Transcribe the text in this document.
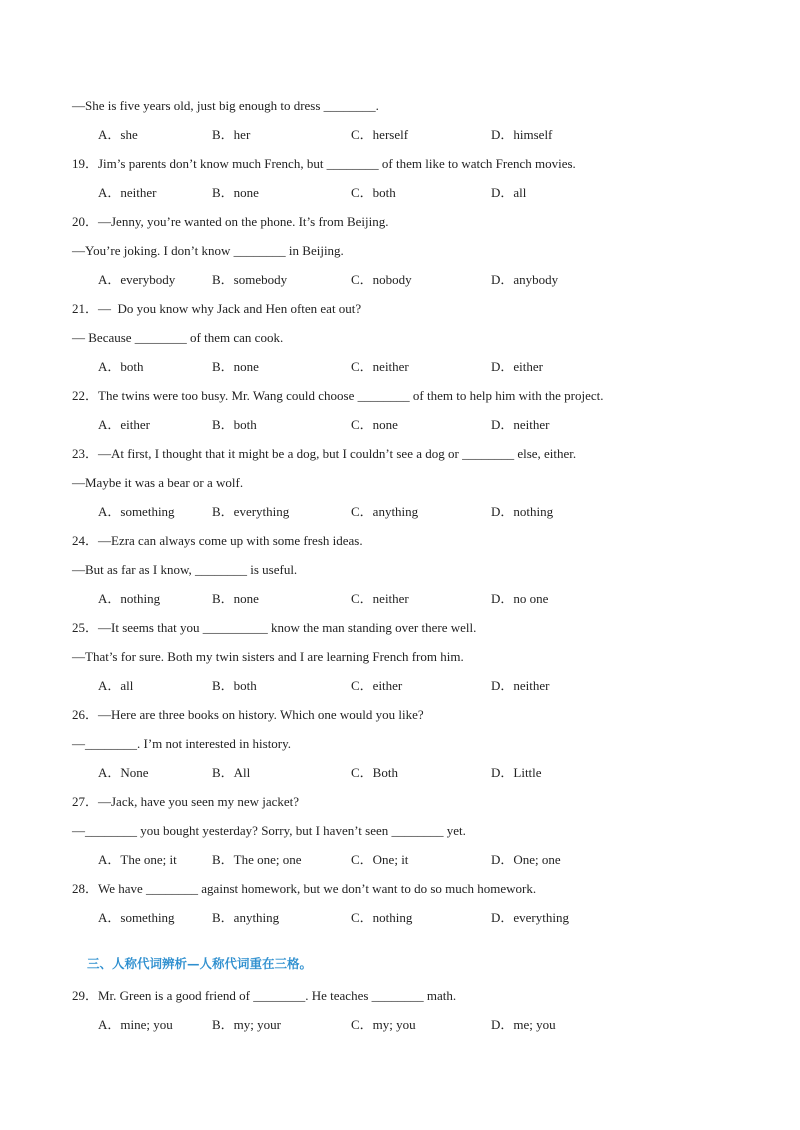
—She is five years old, just big enough to dress ________.
A．she	B．her	C．herself	D．himself
19．Jim’s parents don’t know much French, but ________ of them like to watch French movies.
A．neither	B．none	C．both	D．all
20．—Jenny, you’re wanted on the phone. It’s from Beijing.
—You’re joking. I don’t know ________ in Beijing.
A．everybody	B．somebody	C．nobody	D．anybody
21．—  Do you know why Jack and Hen often eat out?
— Because ________ of them can cook.
A．both	B．none	C．neither	D．either
22．The twins were too busy. Mr. Wang could choose ________ of them to help him with the project.
A．either	B．both	C．none	D．neither
23．—At first, I thought that it might be a dog, but I couldn’t see a dog or ________ else, either.
—Maybe it was a bear or a wolf.
A．something	B．everything	C．anything	D．nothing
24．—Ezra can always come up with some fresh ideas.
—But as far as I know, ________ is useful.
A．nothing	B．none	C．neither	D．no one
25．—It seems that you __________ know the man standing over there well.
—That’s for sure. Both my twin sisters and I are learning French from him.
A．all	B．both	C．either	D．neither
26．—Here are three books on history. Which one would you like?
—________. I’m not interested in history.
A．None	B．All	C．Both	D．Little
27．—Jack, have you seen my new jacket?
—________ you bought yesterday? Sorry, but I haven’t seen ________ yet.
A．The one; it	B．The one; one	C．One; it	D．One; one
28．We have ________ against homework, but we don’t want to do so much homework.
A．something	B．anything	C．nothing	D．everything
三、人称代词辨析—人称代词重在三格。
29．Mr. Green is a good friend of ________. He teaches ________ math.
A．mine; you	B．my; your	C．my; you	D．me; you
